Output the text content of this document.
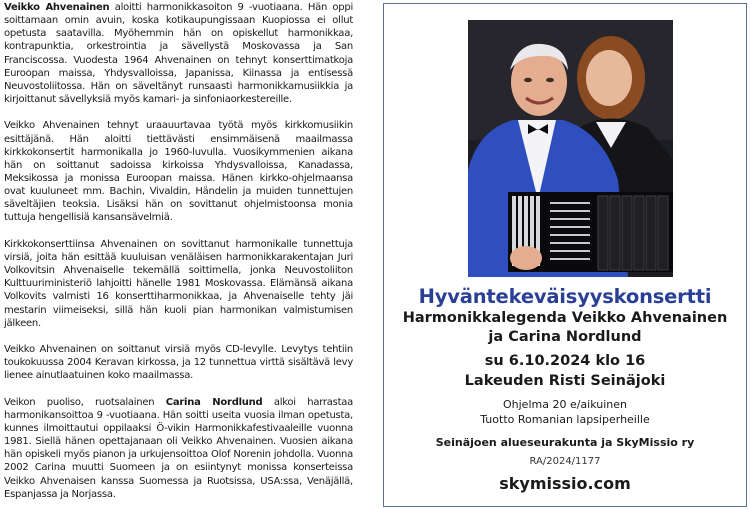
Veikko Ahvenainen aloitti harmonikkasoiton 9 -vuotiaana. Hän oppi soittamaan omin avuin, koska kotikaupungissaan Kuopiossa ei ollut opetusta saatavilla. Myöhemmin hän on opiskellut harmonikkaa, kontrapunktia, orkestrointia ja sävellystä Moskovassa ja San Franciscossa. Vuodesta 1964 Ahvenainen on tehnyt konserttimatkoja Euroopan maissa, Yhdysvalloissa, Japanissa, Kiinassa ja entisessä Neuvostoliitossa. Hän on säveltänyt runsaasti harmonikkamusiikkia ja kirjoittanut sävellyksiä myös kamari- ja sinfoniaorkestereille.

Veikko Ahvenainen tehnyt uraauurtavaa työtä myös kirkkomusiikin esittäjänä. Hän aloitti tiettävästi ensimmäisenä maailmassa kirkkokonsertit harmonikalla jo 1960-luvulla. Vuosikymmenien aikana hän on soittanut sadoissa kirkoissa Yhdysvalloissa, Kanadassa, Meksikossa ja monissa Euroopan maissa. Hänen kirkko-ohjelmaansa ovat kuuluneet mm. Bachin, Vivaldin, Händelin ja muiden tunnettujen säveltäjien teoksia. Lisäksi hän on sovittanut ohjelmistoonsa monia tuttuja hengellisiä kansansävelmiä.

Kirkkokonserttiinsa Ahvenainen on sovittanut harmonikalle tunnettuja virsiä, joita hän esittää kuuluisan venäläisen harmonikkarakentajan Juri Volkovitsin Ahvenaiselle tekemällä soittimella, jonka Neuvostoliiton Kulttuuriministeriö lahjoitti hänelle 1981 Moskovassa. Elämänsä aikana Volkovits valmisti 16 konserttiharmonikkaa, ja Ahvenaiselle tehty jäi mestarin viimeiseksi, sillä hän kuoli pian harmonikan valmistumisen jälkeen.

Veikko Ahvenainen on soittanut virsiä myös CD-levylle. Levytys tehtiin toukokuussa 2004 Keravan kirkossa, ja 12 tunnettua virttä sisältävä levy lienee ainutlaatuinen koko maailmassa.

Veikon puoliso, ruotsalainen Carina Nordlund alkoi harrastaa harmonikansoittoa 9 -vuotiaana. Hän soitti useita vuosia ilman opetusta, kunnes ilmoittautui oppilaaksi Ö-vikin Harmonikkafestivaaleille vuonna 1981. Siellä hänen opettajanaan oli Veikko Ahvenainen. Vuosien aikana hän opiskeli myös pianon ja urkujensoittoa Olof Norenin johdolla. Vuonna 2002 Carina muutti Suomeen ja on esiintynyt monissa konserteissa Veikko Ahvenaisen kanssa Suomessa ja Ruotsissa, USA:ssa, Venäjällä, Espanjassa ja Norjassa.

Hyväntekeväisyyskonsertti
Harmonikkalegenda Veikko Ahvenainen
ja Carina Nordlund
su 6.10.2024 klo 16
Lakeuden Risti Seinäjoki
Ohjelma 20 e/aikuinen
Tuotto Romanian lapsiperheille
Seinäjoen alueseurakunta ja SkyMissio ry
RA/2024/1177
skymissio.com
